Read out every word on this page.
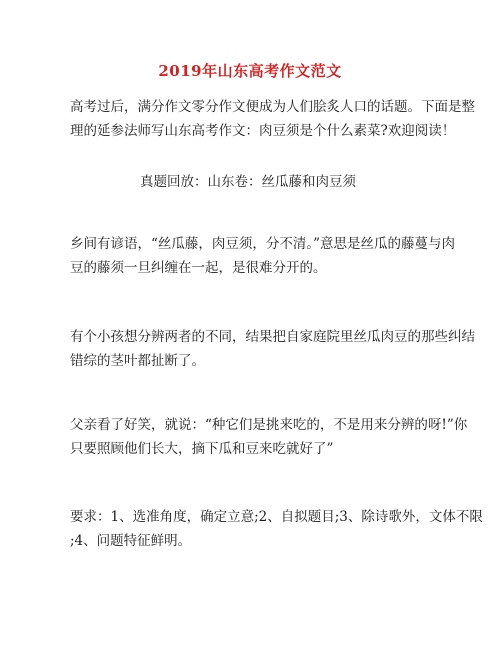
2019年山东高考作文范文
高考过后，满分作文零分作文便成为人们脍炙人口的话题。下面是整
理的延参法师写山东高考作文：肉豆须是个什么素菜?欢迎阅读！
真题回放：山东卷：丝瓜藤和肉豆须
乡间有谚语，“丝瓜藤，肉豆须，分不清。”意思是丝瓜的藤蔓与肉
豆的藤须一旦纠缠在一起，是很难分开的。
有个小孩想分辨两者的不同，结果把自家庭院里丝瓜肉豆的那些纠结
错综的茎叶都扯断了。
父亲看了好笑，就说：“种它们是挑来吃的，不是用来分辨的呀!”你
只要照顾他们长大，摘下瓜和豆来吃就好了”
要求：1、选准角度，确定立意;2、自拟题目;3、除诗歌外，文体不限
;4、问题特征鲜明。
